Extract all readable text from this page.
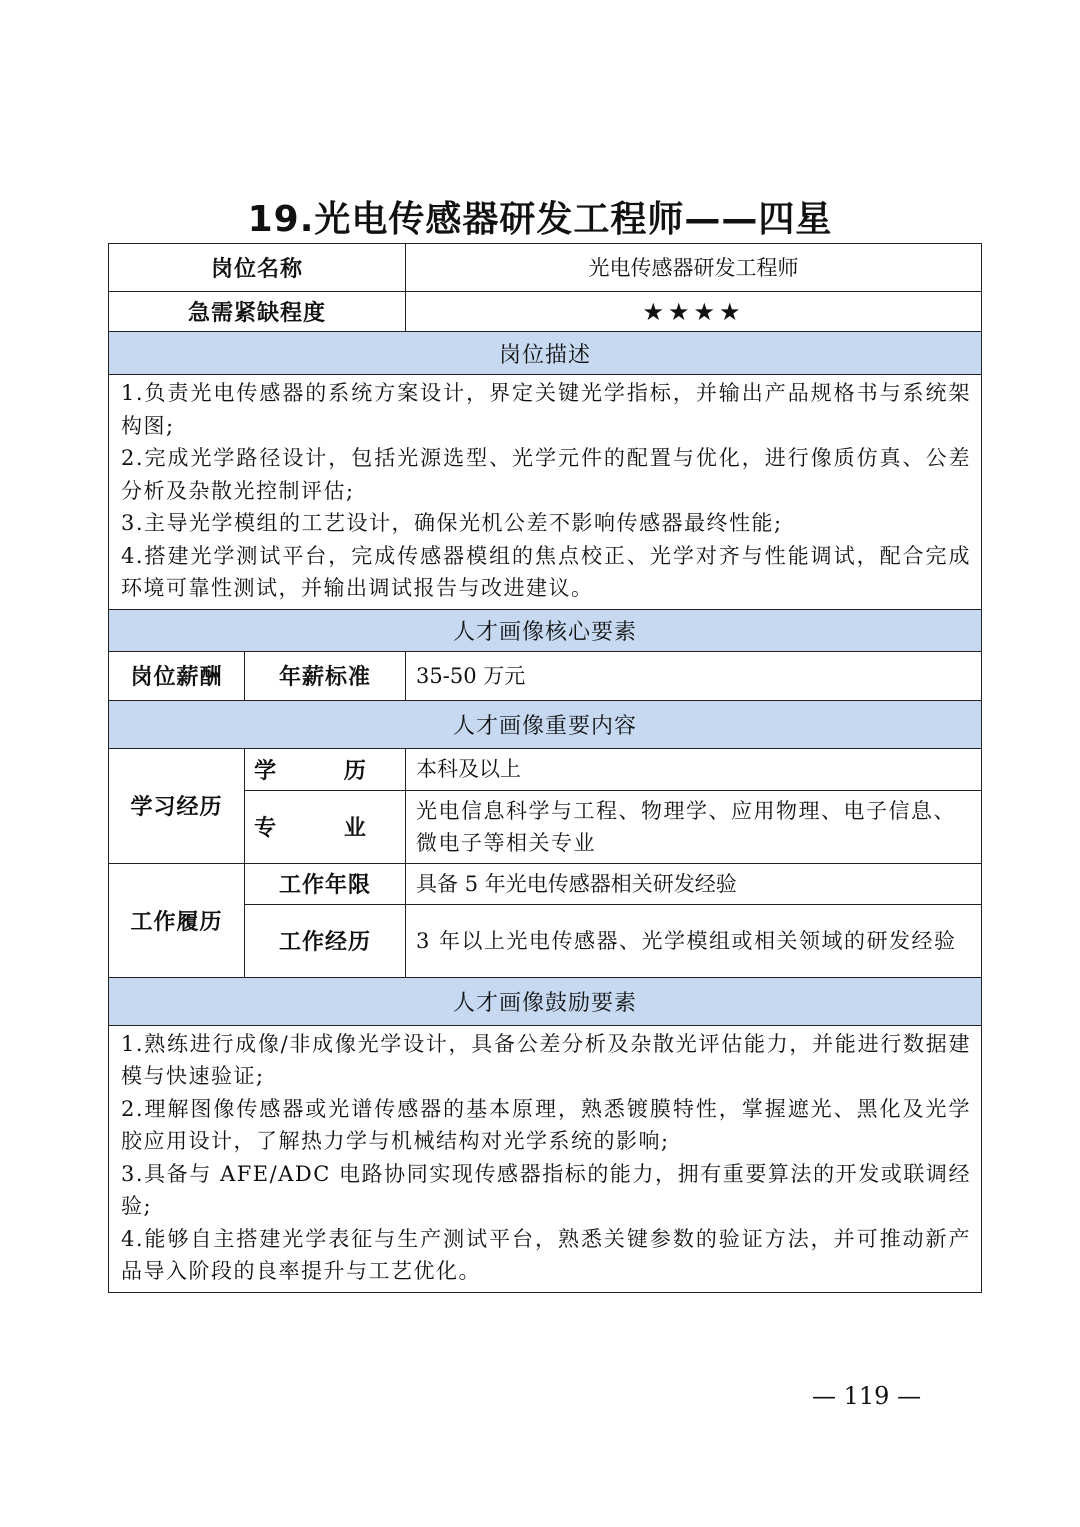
19.光电传感器研发工程师——四星
岗位名称		光电传感器研发工程师
急需紧缺程度		★★★★
岗位描述		

1.负责光电传感器的系统方案设计，界定关键光学指标，并输出产品规格书与系统架构图;
2.完成光学路径设计，包括光源选型、光学元件的配置与优化，进行像质仿真、公差分析及杂散光控制评估;
3.主导光学模组的工艺设计，确保光机公差不影响传感器最终性能;
4.搭建光学测试平台，完成传感器模组的焦点校正、光学对齐与性能调试，配合完成环境可靠性测试，并输出调试报告与改进建议。		

人才画像核心要素		
岗位薪酬	年薪标准	35-50 万元
人才画像重要内容		
学习经历	学 历	本科及以上
	专 业	光电信息科学与工程、物理学、应用物理、电子信息、微电子等相关专业
工作履历	工作年限	具备 5 年光电传感器相关研发经验
	工作经历	3 年以上光电传感器、光学模组或相关领域的研发经验
人才画像鼓励要素		

1.熟练进行成像/非成像光学设计，具备公差分析及杂散光评估能力，并能进行数据建模与快速验证;
2.理解图像传感器或光谱传感器的基本原理，熟悉镀膜特性，掌握遮光、黑化及光学胶应用设计，了解热力学与机械结构对光学系统的影响;
3.具备与 AFE/ADC 电路协同实现传感器指标的能力，拥有重要算法的开发或联调经验;
4.能够自主搭建光学表征与生产测试平台，熟悉关键参数的验证方法，并可推动新产品导入阶段的良率提升与工艺优化。		
— 119 —
